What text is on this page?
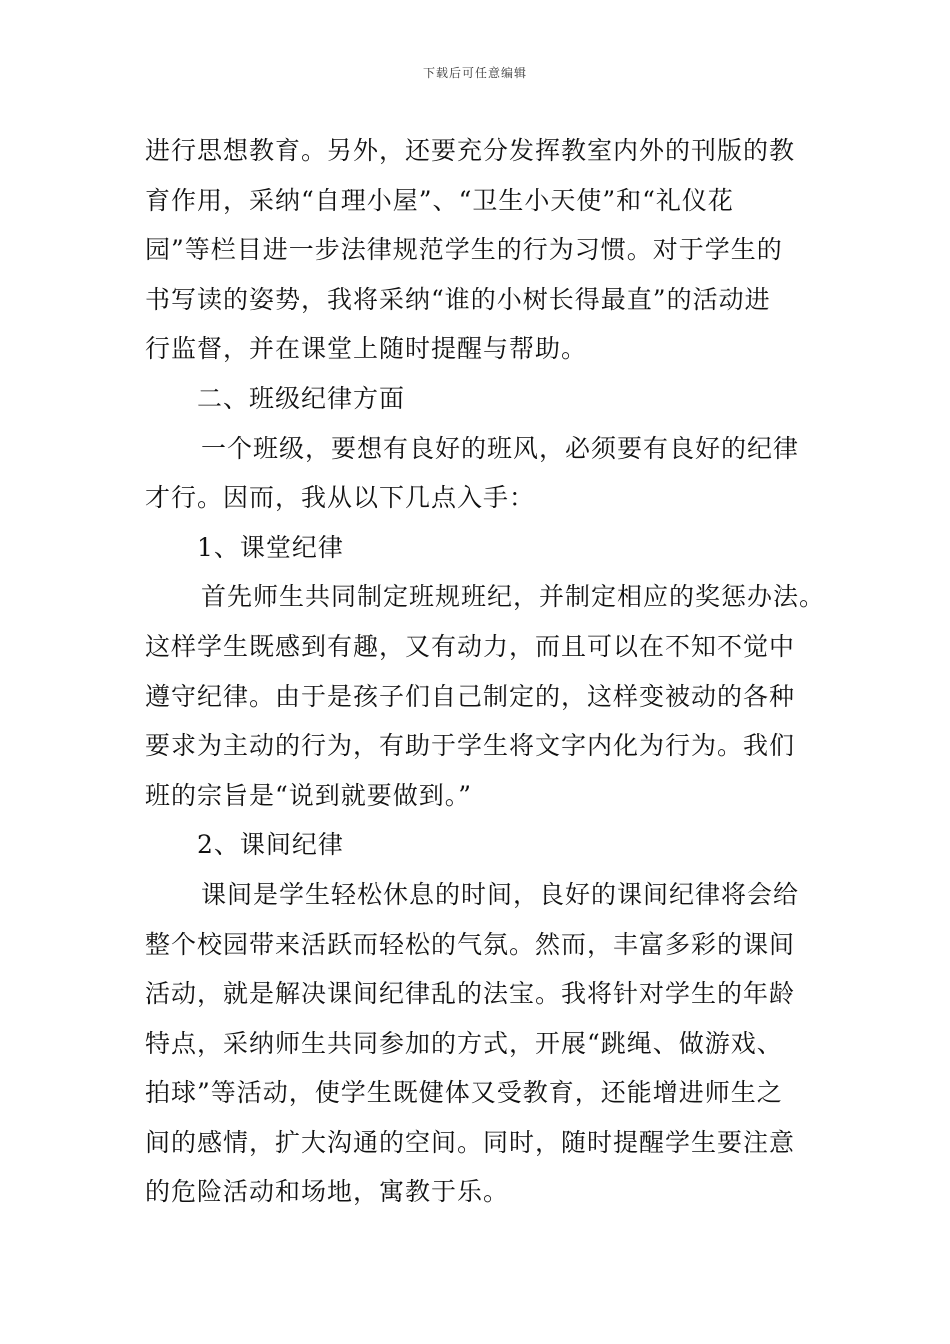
下载后可任意编辑
进行思想教育。另外，还要充分发挥教室内外的刊版的教
育作用，采纳“自理小屋”、“卫生小天使”和“礼仪花
园”等栏目进一步法律规范学生的行为习惯。对于学生的
书写读的姿势，我将采纳“谁的小树长得最直”的活动进
行监督，并在课堂上随时提醒与帮助。
二、班级纪律方面
一个班级，要想有良好的班风，必须要有良好的纪律
才行。因而，我从以下几点入手：
1、课堂纪律
首先师生共同制定班规班纪，并制定相应的奖惩办法。
这样学生既感到有趣，又有动力，而且可以在不知不觉中
遵守纪律。由于是孩子们自己制定的，这样变被动的各种
要求为主动的行为，有助于学生将文字内化为行为。我们
班的宗旨是“说到就要做到。”
2、课间纪律
课间是学生轻松休息的时间，良好的课间纪律将会给
整个校园带来活跃而轻松的气氛。然而，丰富多彩的课间
活动，就是解决课间纪律乱的法宝。我将针对学生的年龄
特点，采纳师生共同参加的方式，开展“跳绳、做游戏、
拍球”等活动，使学生既健体又受教育，还能增进师生之
间的感情，扩大沟通的空间。同时，随时提醒学生要注意
的危险活动和场地，寓教于乐。
